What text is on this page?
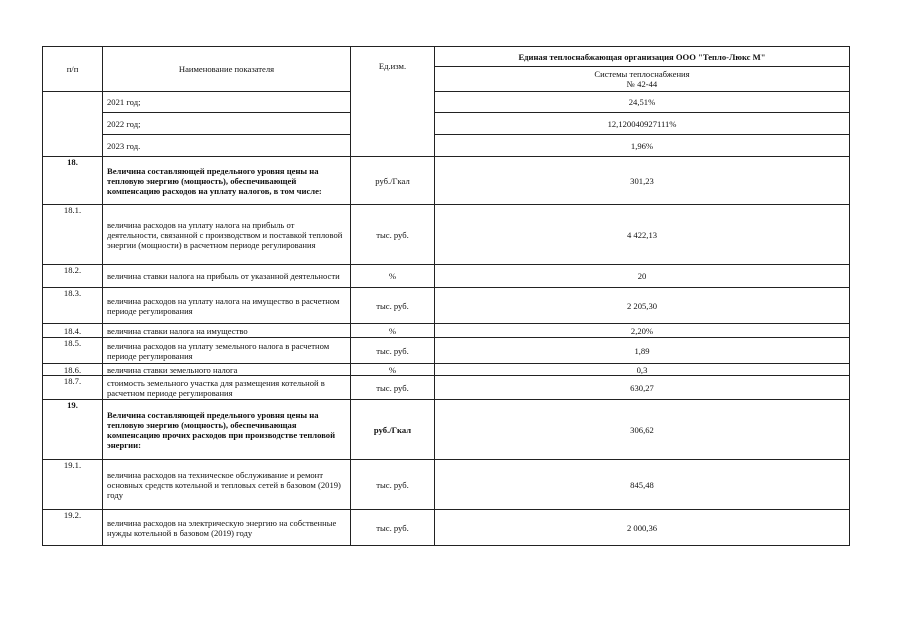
п/п	Наименование показателя	Ед.изм.	Единая теплоснабжающая организация ООО "Тепло-Люкс М"

			Системы теплоснабжения
№ 42-44

	2021 год;		24,51%
	2022 год;		12,120040927111%
	2023 год.		1,96%
18.	Величина составляющей предельного уровня цены на тепловую энергию (мощность), обеспечивающей компенсацию расходов на уплату налогов, в том числе:	руб./Гкал	301,23
18.1.	величина расходов на уплату налога на прибыль от деятельности, связанной с производством и поставкой тепловой энергии (мощности) в расчетном периоде регулирования	тыс. руб.	4 422,13
18.2.	величина ставки налога на прибыль от указанной деятельности	%	20
18.3.	величина расходов на уплату налога на имущество в расчетном периоде регулирования	тыс. руб.	2 205,30
18.4.	величина ставки налога на имущество	%	2,20%
18.5.	величина расходов на уплату земельного налога в расчетном периоде регулирования	тыс. руб.	1,89
18.6.	величина ставки земельного налога	%	0,3
18.7.	стоимость земельного участка для размещения котельной в расчетном периоде регулирования	тыс. руб.	630,27
19.	Величина составляющей предельного уровня цены на тепловую энергию (мощность), обеспечивающая компенсацию прочих расходов при производстве тепловой энергии:	руб./Гкал	306,62
19.1.	величина расходов на техническое обслуживание и ремонт основных средств котельной и тепловых сетей в базовом (2019) году	тыс. руб.	845,48
19.2.	величина расходов на электрическую энергию на собственные нужды котельной в базовом (2019) году	тыс. руб.	2 000,36
